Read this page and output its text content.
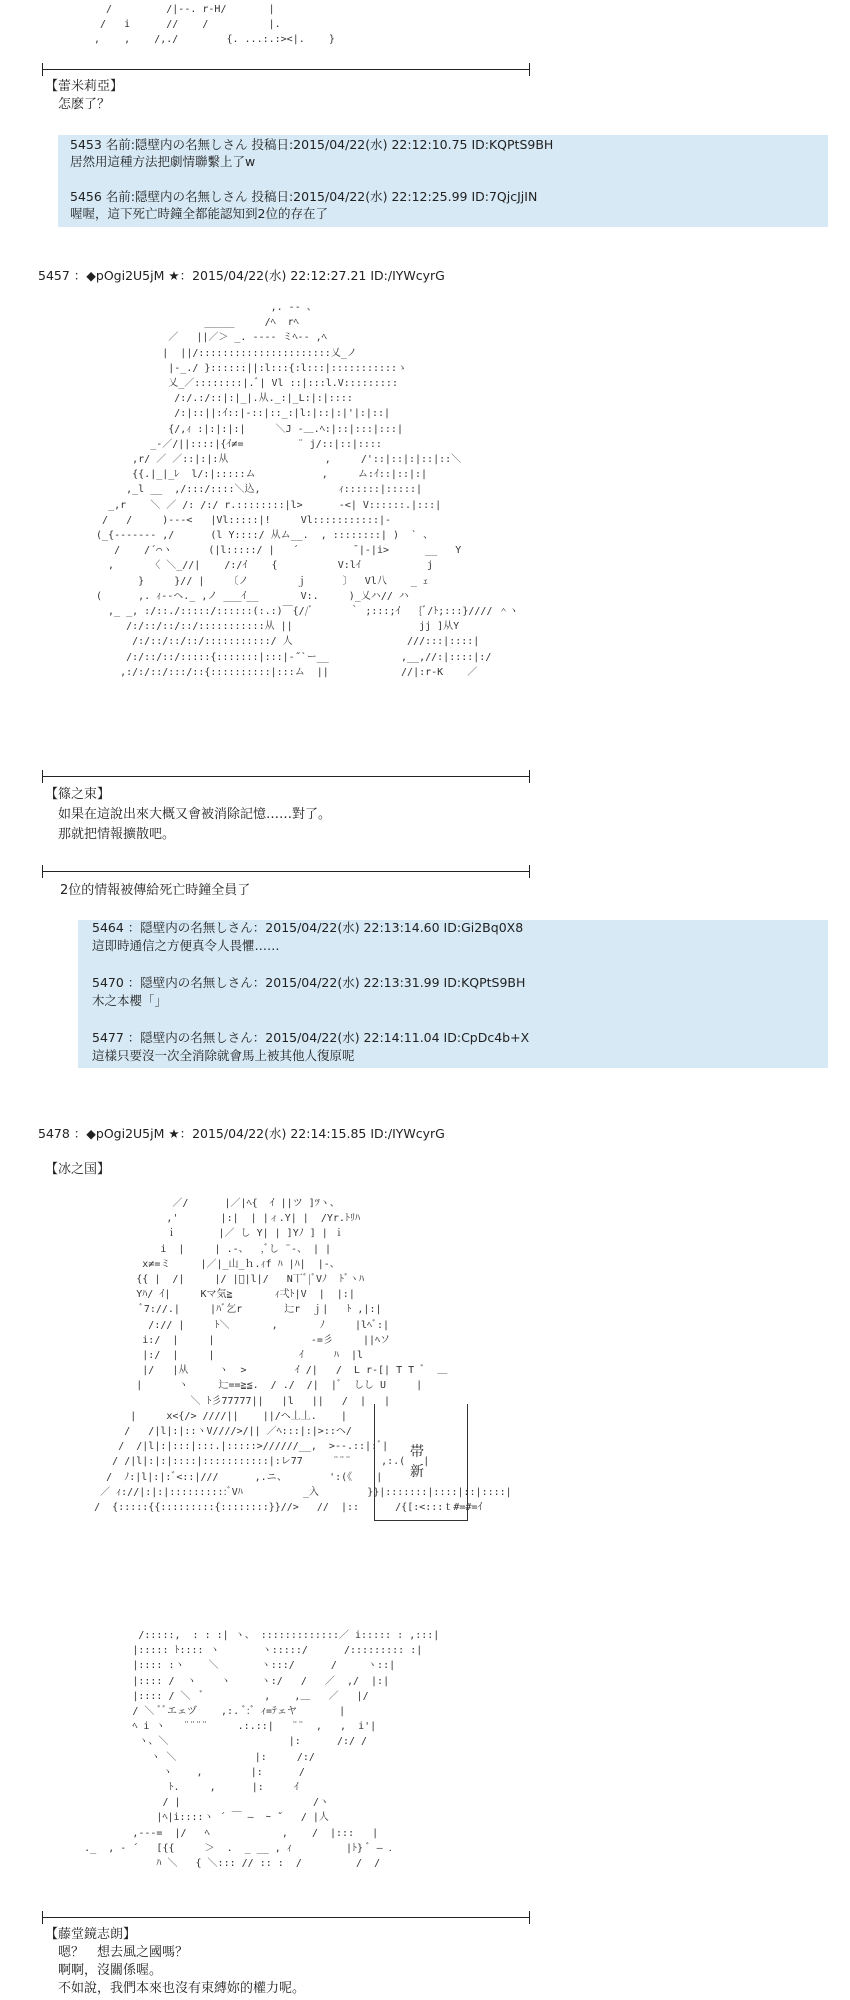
/         /|--. r-H/       |
/   i      //    /          |.
,    ,    /,./        {. ...:.:><|.    }
【蕾米莉亞】
怎麽了？
5453 名前:隠壁内の名無しさん 投稿日:2015/04/22(水) 22:12:10.75 ID:KQPtS9BH
居然用這種方法把劇情聯繫上了w
5456 名前:隠壁内の名無しさん 投稿日:2015/04/22(水) 22:12:25.99 ID:7QjcJjIN
喔喔，這下死亡時鐘全都能認知到2位的存在了
5457 ：◆pOgi2U5jM ★：2015/04/22(水) 22:12:27.21 ID:/IYWcyrG
,. -- 、
_____     /ﾍ  rﾍ
／   ||／＞ _. ---- ミﾍ-- ,ﾍ
|  ||/::::::::::::::::::::::乂_ノ
|-_./ }::::::||:l:::{:l:::|:::::::::::ゝ
乂_／::::::::|.ﾞ| Vl ::|:::l.V:::::::::
/:/.:/::|:|_|.从._:|_L:|:|::::
/:|::||:ｲ::|-::|::_:|l:|::|:|'|:|::|
{/,ｨ :|:|:|:|     ＼J -＿.ﾍ:|::|:::|:::|
_-／/||::::|{ｲ≠=         ¨ j/::|::|::::
,r/ ／ ／::|:|:从                ,     /'::|::|:|::|::＼
{{.|_|_ﾚ  l/:|:::::ム           ,     ム:ｲ::|::|:|
,_l __  ,/:::/::::＼込,             ｨ::::::|:::::|
_,r    ＼ ／ /: /:/ r.::::::::|l>      -<| V::::::.|:::|
/   /     )---<   |Vl:::::|!     Vl:::::::::::|-
(_{------- ,/      (l Y::::/ 从ム__.  , ::::::::| )  ` 、
/    /´⌒ヽ      (|l:::::/ |   ´         ̄ |-|i>      __   Y
,      〈 ＼_//|    /:/ｲ    {          V:lｲ           j
}     }// |    〔ノ        ｊ      〕  Vl八    _ ｪ
(      ,. ｨ--ヘ._ ,ノ ___ｲ__       V:.     )_乂ハ// ハ
,_ _, :/::./:::::/::::::(:.:)￣{//ﾞ      ｀ ;:::;ｲ   {ﾞ/ﾄ;:::}//// ＾ヽ
/:/::/::/::/:::::::::::从 ||                     jj ]从Y
/:/::/::/::/:::::::::::/ 人                   ///:::|::::|
/:/::/::/:::::{:::::::|:::|-˝`ー__            ,__,//:|::::|:/
,:/:/::/:::/::{::::::::::|:::ム  ||            //|:r-K    ／
【篠之束】
如果在這說出來大概又會被消除記憶……對了。
那就把情報擴散吧。
2位的情報被傳給死亡時鐘全員了
5464 ：隠壁内の名無しさん：2015/04/22(水) 22:13:14.60 ID:Gi2Bq0X8
這即時通信之方便真令人畏懼……
5470 ：隠壁内の名無しさん：2015/04/22(水) 22:13:31.99 ID:KQPtS9BH
木之本櫻「」
5477 ：隠壁内の名無しさん：2015/04/22(水) 22:14:11.04 ID:CpDc4b+X
這樣只要沒一次全消除就會馬上被其他人復原呢
5478 ：◆pOgi2U5jM ★：2015/04/22(水) 22:14:15.85 ID:/IYWcyrG
【冰之国】
／/      |／|ﾍ{  ｲ ||ツ ]ﾂヽ、
,'       |:|  | |ィ.Y| |  /Yr.ﾄﾘﾊ
ｉ       |／ し Y| | ]Yﾉ ] | ｉ
i  |     | .-、  ,ﾞし ¨-、 | |
x≠=ミ     |／|_山_ｈ.ｨf ﾊ |ﾊ|  |-、
{{ |  /|     |/ |ﾞ|l|/   N丅ﾞ|ﾞVﾉ  ﾄﾞヽﾊ
Yﾊ/ ｲ|     Kマ気≧       ｨ弌ﾄ|V  |  |:|
ﾞ7://.|     |ﾊﾞ乞r       辷r  ｊ|   ﾄ ,|:|
/:// |     ﾄ＼       ,       ﾉ     |lﾍﾞ:|
i:/  |     |                -=彡     ||ﾍソ
|:/  |     |              ｲ     ﾊ  |l
|/   |从     ヽ  >        ｲ /|   /  L r-[| T T ﾞ  ＿
|      ヽ     辷==≧≦.  / ./  /|  |ﾞ  しし U     |
＼ ﾄ彡77777||   |l   ||   /  |   |
|     x<{/> ////||    ||/ヘ丄丄.    |
/   /|l|:|::ヽV////>/|| ／ﾍ:::|:|>::ヘ/
/  /|l|:|:::|:::.|:::::>//////__,  >--.::|:ﾞ|
/ /|l|:|:|::::|:::::::::::|:レ77     ¨¨¨     ,:.(   |
/  ﾉ:|l|:|:ﾞ<::|///      ,.ニ、       ':(《    |
／ ｨ://|:|:|::::::::::ﾞVﾊ          _入        }}|:::::::|::::|::|::::|
/  {:::::{{:::::::::{::::::::}}//>   //  |::      /{[:<:::ｔ#=#=ｲ
帯
新
/:::::,  : : :| ヽ、 :::::::::::::／ i::::: : ,:::|
|::::: ﾄ:::: ヽ       ヽ:::::/      /::::::::: :|
|:::: :ヽ    ＼       ヽ:::/      /     ヽ::|
|:::: /  ヽ    ヽ     ヽ:/   /   ／  ,/  |:|
|:::: / ＼  ﾞ          ,    ,＿   ／   |/
/ ＼ ﾞﾞエェヅ    ,:. ﾞ:ﾞ ｨ=ﾃェヤ       |
ﾍ i ヽ   ¨¨¨¨     .:.::|   ¨¨  ,   ,  i'|
ヽ、＼                    |:      /:/ /
ヽ ＼             |:     /:/
ヽ    ,        |:      /
ﾄ.     ,      |:     ｲ
/ |                      /ヽ
|ﾍ|i::::ヽ ´ ￣ ―  ｰ ˝   / |人
,---=  |/   ﾍ            ,    /  |:::   |
._  , - ´   [{{     ＞  .  _ __ , ｨ         |ﾄ} ﾞ ― ．
ﾊ ＼   { ＼::: // :: :  /         /  /
【藤堂鏡志朗】
嗯？　想去風之國嗎？
啊啊，沒關係喔。
不如說，我們本來也沒有束縛妳的權力呢。
